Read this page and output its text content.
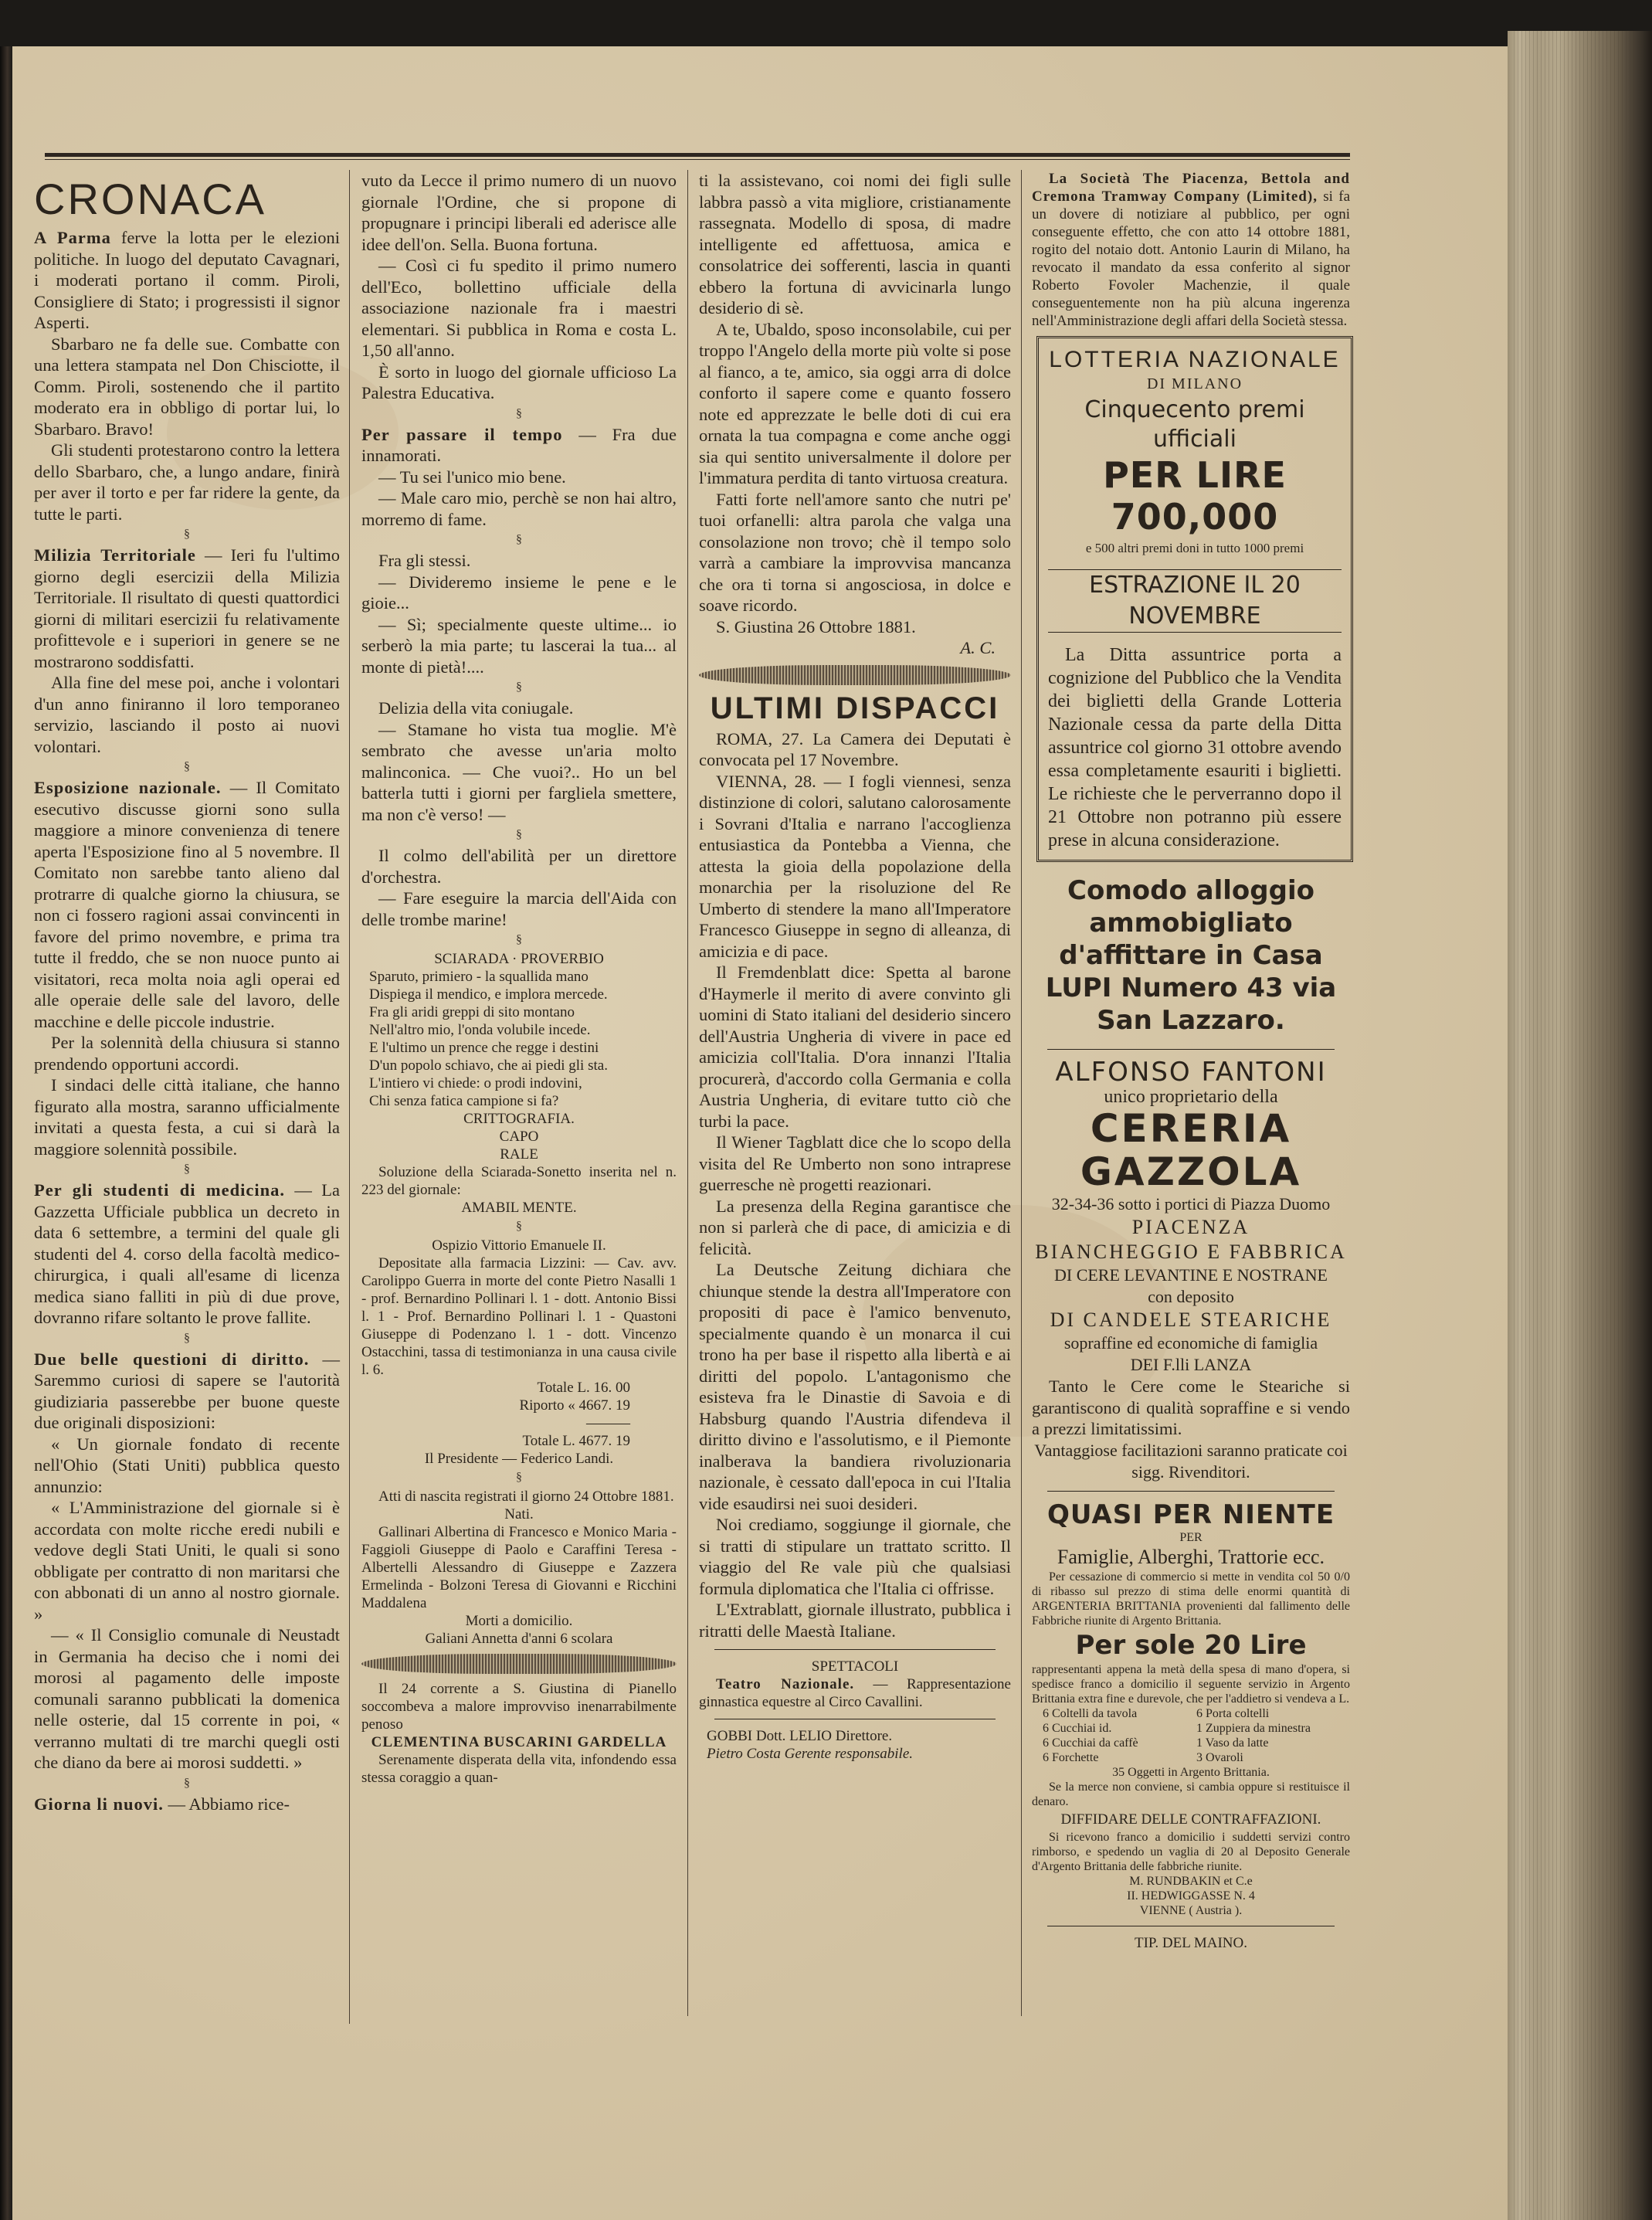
CRONACA

A Parma ferve la lotta per le elezioni politiche. In luogo del deputato Cavagnari, i moderati portano il comm. Piroli, Consigliere di Stato; i progressisti il signor Asperti.

Sbarbaro ne fa delle sue. Combatte con una lettera stampata nel Don Chisciotte, il Comm. Piroli, sostenendo che il partito moderato era in obbligo di portar lui, lo Sbarbaro. Bravo!

Gli studenti protestarono contro la lettera dello Sbarbaro, che, a lungo andare, finirà per aver il torto e per far ridere la gente, da tutte le parti.

§

Milizia Territoriale — Ieri fu l'ultimo giorno degli esercizii della Milizia Territoriale. Il risultato di questi quattordici giorni di militari esercizii fu relativamente profittevole e i superiori in genere se ne mostrarono soddisfatti.

Alla fine del mese poi, anche i volontari d'un anno finiranno il loro temporaneo servizio, lasciando il posto ai nuovi volontari.

§

Esposizione nazionale. — Il Comitato esecutivo discusse giorni sono sulla maggiore a minore convenienza di tenere aperta l'Esposizione fino al 5 novembre. Il Comitato non sarebbe tanto alieno dal protrarre di qualche giorno la chiusura, se non ci fossero ragioni assai convincenti in favore del primo novembre, e prima tra tutte il freddo, che se non nuoce punto ai visitatori, reca molta noia agli operai ed alle operaie delle sale del lavoro, delle macchine e delle piccole industrie.

Per la solennità della chiusura si stanno prendendo opportuni accordi.

I sindaci delle città italiane, che hanno figurato alla mostra, saranno ufficialmente invitati a questa festa, a cui si darà la maggiore solennità possibile.

§

Per gli studenti di medicina. — La Gazzetta Ufficiale pubblica un decreto in data 6 settembre, a termini del quale gli studenti del 4. corso della facoltà medico-chirurgica, i quali all'esame di licenza medica siano falliti in più di due prove, dovranno rifare soltanto le prove fallite.

§

Due belle questioni di diritto. — Saremmo curiosi di sapere se l'autorità giudiziaria passerebbe per buone queste due originali disposizioni:

« Un giornale fondato di recente nell'Ohio (Stati Uniti) pubblica questo annunzio:

« L'Amministrazione del giornale si è accordata con molte ricche eredi nubili e vedove degli Stati Uniti, le quali si sono obbligate per contratto di non maritarsi che con abbonati di un anno al nostro giornale. »

— « Il Consiglio comunale di Neustadt in Germania ha deciso che i nomi dei morosi al pagamento delle imposte comunali saranno pubblicati la domenica nelle osterie, dal 15 corrente in poi, « verranno multati di tre marchi quegli osti che diano da bere ai morosi suddetti. »

§

Giorna li nuovi. — Abbiamo rice-

vuto da Lecce il primo numero di un nuovo giornale l'Ordine, che si propone di propugnare i principi liberali ed aderisce alle idee dell'on. Sella. Buona fortuna.

— Così ci fu spedito il primo numero dell'Eco, bollettino ufficiale della associazione nazionale fra i maestri elementari. Si pubblica in Roma e costa L. 1,50 all'anno.

È sorto in luogo del giornale ufficioso La Palestra Educativa.

§

Per passare il tempo — Fra due innamorati.

— Tu sei l'unico mio bene.

— Male caro mio, perchè se non hai altro, morremo di fame.

§

Fra gli stessi.

— Divideremo insieme le pene e le gioie...

— Sì; specialmente queste ultime... io serberò la mia parte; tu lascerai la tua... al monte di pietà!....

§

Delizia della vita coniugale.

— Stamane ho vista tua moglie. M'è sembrato che avesse un'aria molto malinconica. — Che vuoi?.. Ho un bel batterla tutti i giorni per fargliela smettere, ma non c'è verso! —

§

Il colmo dell'abilità per un direttore d'orchestra.

— Fare eseguire la marcia dell'Aida con delle trombe marine!

§
SCIARADA · PROVERBIO
Sparuto, primiero - la squallida mano
Dispiega il mendico, e implora mercede.
Fra gli aridi greppi di sito montano
Nell'altro mio, l'onda volubile incede.
E l'ultimo un prence che regge i destini
D'un popolo schiavo, che ai piedi gli sta.
L'intiero vi chiede: o prodi indovini,
Chi senza fatica campione si fa?
CRITTOGRAFIA.
CAPO
RALE

Soluzione della Sciarada-Sonetto inserita nel n. 223 del giornale:

AMABIL MENTE.
§
Ospizio Vittorio Emanuele II.

Depositate alla farmacia Lizzini: — Cav. avv. Carolippo Guerra in morte del conte Pietro Nasalli 1 - prof. Bernardino Pollinari l. 1 - dott. Antonio Bissi l. 1 - Prof. Bernardino Pollinari l. 1 - Quastoni Giuseppe di Podenzano l. 1 - dott. Vincenzo Ostacchini, tassa di testimonianza in una causa civile l. 6.

Totale L. 16. 00
Riporto « 4667. 19
———
Totale L. 4677. 19
Il Presidente — Federico Landi.
§

Atti di nascita registrati il giorno 24 Ottobre 1881.

Nati.

Gallinari Albertina di Francesco e Monico Maria - Faggioli Giuseppe di Paolo e Caraffini Teresa - Albertelli Alessandro di Giuseppe e Zazzera Ermelinda - Bolzoni Teresa di Giovanni e Ricchini Maddalena

Morti a domicilio.
Galiani Annetta d'anni 6 scolara

Il 24 corrente a S. Giustina di Pianello soccombeva a malore improvviso inenarrabilmente penoso

CLEMENTINA BUSCARINI GARDELLA

Serenamente disperata della vita, infondendo essa stessa coraggio a quan-

ti la assistevano, coi nomi dei figli sulle labbra passò a vita migliore, cristianamente rassegnata. Modello di sposa, di madre intelligente ed affettuosa, amica e consolatrice dei sofferenti, lascia in quanti ebbero la fortuna di avvicinarla lungo desiderio di sè.

A te, Ubaldo, sposo inconsolabile, cui per troppo l'Angelo della morte più volte si pose al fianco, a te, amico, sia oggi arra di dolce conforto il sapere come e quanto fossero note ed apprezzate le belle doti di cui era ornata la tua compagna e come anche oggi sia qui sentito universalmente il dolore per l'immatura perdita di tanto virtuosa creatura.

Fatti forte nell'amore santo che nutri pe' tuoi orfanelli: altra parola che valga una consolazione non trovo; chè il tempo solo varrà a cambiare la improvvisa mancanza che ora ti torna si angosciosa, in dolce e soave ricordo.

S. Giustina 26 Ottobre 1881.

A. C.
ULTIMI DISPACCI

ROMA, 27. La Camera dei Deputati è convocata pel 17 Novembre.

VIENNA, 28. — I fogli viennesi, senza distinzione di colori, salutano calorosamente i Sovrani d'Italia e narrano l'accoglienza entusiastica da Pontebba a Vienna, che attesta la gioia della popolazione della monarchia per la risoluzione del Re Umberto di stendere la mano all'Imperatore Francesco Giuseppe in segno di alleanza, di amicizia e di pace.

Il Fremdenblatt dice: Spetta al barone d'Haymerle il merito di avere convinto gli uomini di Stato italiani del desiderio sincero dell'Austria Ungheria di vivere in pace ed amicizia coll'Italia. D'ora innanzi l'Italia procurerà, d'accordo colla Germania e colla Austria Ungheria, di evitare tutto ciò che turbi la pace.

Il Wiener Tagblatt dice che lo scopo della visita del Re Umberto non sono intraprese guerresche nè progetti reazionari.

La presenza della Regina garantisce che non si parlerà che di pace, di amicizia e di felicità.

La Deutsche Zeitung dichiara che chiunque stende la destra all'Imperatore con propositi di pace è l'amico benvenuto, specialmente quando è un monarca il cui trono ha per base il rispetto alla libertà e ai diritti del popolo. L'antagonismo che esisteva fra le Dinastie di Savoia e di Habsburg quando l'Austria difendeva il diritto divino e l'assolutismo, e il Piemonte inalberava la bandiera rivoluzionaria nazionale, è cessato dall'epoca in cui l'Italia vide esaudirsi nei suoi desideri.

Noi crediamo, soggiunge il giornale, che si tratti di stipulare un trattato scritto. Il viaggio del Re vale più che qualsiasi formula diplomatica che l'Italia ci offrisse.

L'Extrablatt, giornale illustrato, pubblica i ritratti delle Maestà Italiane.

SPETTACOLI

Teatro Nazionale. — Rappresentazione ginnastica equestre al Circo Cavallini.

GOBBI Dott. LELIO Direttore.
Pietro Costa Gerente responsabile.

La Società The Piacenza, Bettola and Cremona Tramway Company (Limited), si fa un dovere di notiziare al pubblico, per ogni conseguente effetto, che con atto 14 ottobre 1881, rogito del notaio dott. Antonio Laurin di Milano, ha revocato il mandato da essa conferito al signor Roberto Fovoler Machenzie, il quale conseguentemente non ha più alcuna ingerenza nell'Amministrazione degli affari della Società stessa.

LOTTERIA NAZIONALE
DI MILANO
Cinquecento premi ufficiali
PER LIRE 700,000
e 500 altri premi doni in tutto 1000 premi
ESTRAZIONE IL 20 NOVEMBRE

La Ditta assuntrice porta a cognizione del Pubblico che la Vendita dei biglietti della Grande Lotteria Nazionale cessa da parte della Ditta assuntrice col giorno 31 ottobre avendo essa completamente esauriti i biglietti. Le richieste che le perverranno dopo il 21 Ottobre non potranno più essere prese in alcuna considerazione.

Comodo alloggio ammobigliato d'affittare in Casa LUPI Numero 43 via San Lazzaro.
ALFONSO FANTONI
unico proprietario della
CERERIA GAZZOLA
32-34-36 sotto i portici di Piazza Duomo
PIACENZA
BIANCHEGGIO E FABBRICA
DI CERE LEVANTINE E NOSTRANE
con deposito
DI CANDELE STEARICHE
sopraffine ed economiche di famiglia
DEI F.lli LANZA

Tanto le Cere come le Steariche si garantiscono di qualità sopraffine e si vendo a prezzi limitatissimi.

Vantaggiose facilitazioni saranno praticate coi sigg. Rivenditori.
QUASI PER NIENTE
PER
Famiglie, Alberghi, Trattorie ecc.

Per cessazione di commercio si mette in vendita col 50 0/0 di ribasso sul prezzo di stima delle enormi quantità di ARGENTERIA BRITTANIA provenienti dal fallimento delle Fabbriche riunite di Argento Brittania.

Per sole 20 Lire

rappresentanti appena la metà della spesa di mano d'opera, si spedisce franco a domicilio il seguente servizio in Argento Brittania extra fine e durevole, che per l'addietro si vendeva a L.

6 Coltelli da tavola
6 Cucchiai id.
6 Cucchiai da caffè
6 Forchette
6 Porta coltelli
1 Zuppiera da minestra
1 Vaso da latte
3 Ovaroli
35 Oggetti in Argento Brittania.

Se la merce non conviene, si cambia oppure si restituisce il denaro.

DIFFIDARE DELLE CONTRAFFAZIONI.

Si ricevono franco a domicilio i suddetti servizi contro rimborso, e spedendo un vaglia di 20 al Deposito Generale d'Argento Brittania delle fabbriche riunite.

M. RUNDBAKIN et C.e
II. HEDWIGGASSE N. 4
VIENNE ( Austria ).
TIP. DEL MAINO.
